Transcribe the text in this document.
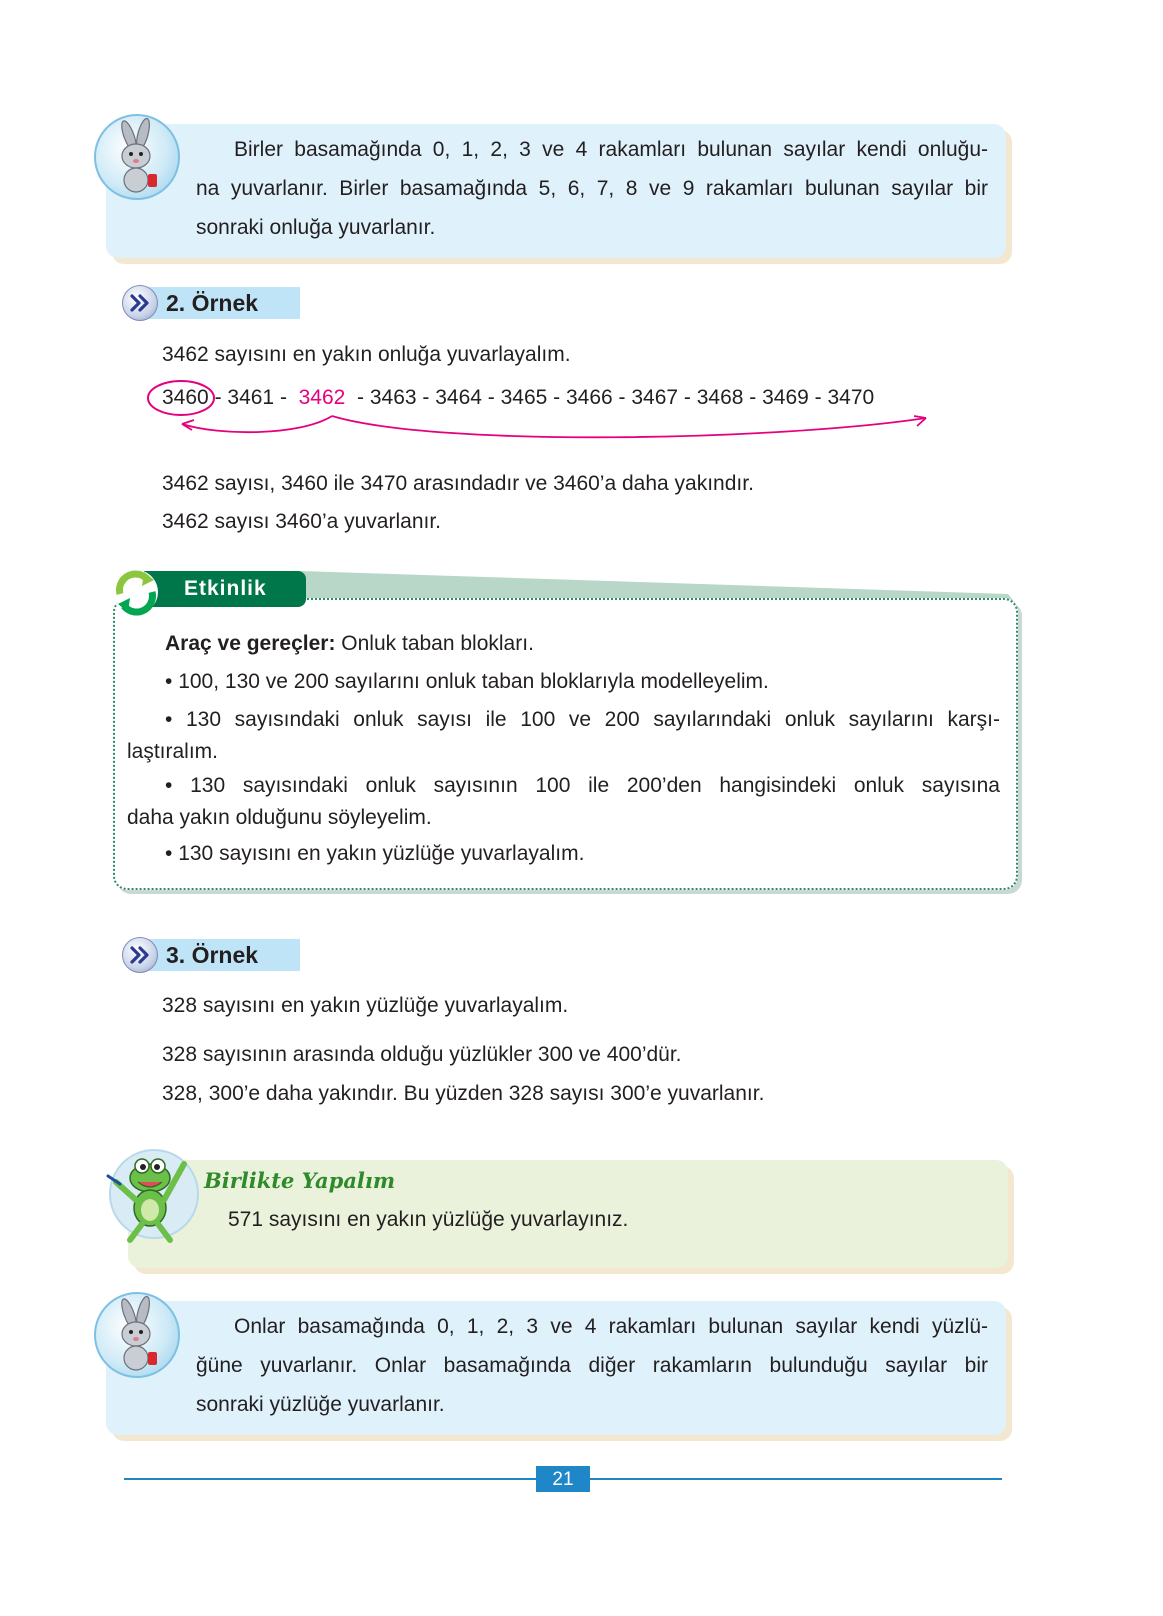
Birler basamağında 0, 1, 2, 3 ve 4 rakamları bulunan sayılar kendi onluğu-
na yuvarlanır. Birler basamağında 5, 6, 7, 8 ve 9 rakamları bulunan sayılar bir
sonraki onluğa yuvarlanır.
2. Örnek
3462 sayısını en yakın onluğa yuvarlayalım.
3460 - 3461 -  3462  - 3463 - 3464 - 3465 - 3466 - 3467 - 3468 - 3469 - 3470
3462 sayısı, 3460 ile 3470 arasındadır ve 3460’a daha yakındır.
3462 sayısı 3460’a yuvarlanır.
Araç ve gereçler: Onluk taban blokları.
• 100, 130 ve 200 sayılarını onluk taban bloklarıyla modelleyelim.
• 130 sayısındaki onluk sayısı ile 100 ve 200 sayılarındaki onluk sayılarını karşı-
laştıralım.
• 130 sayısındaki onluk sayısının 100 ile 200’den hangisindeki onluk sayısına
daha yakın olduğunu söyleyelim.
• 130 sayısını en yakın yüzlüğe yuvarlayalım.
Etkinlik
3. Örnek
328 sayısını en yakın yüzlüğe yuvarlayalım.
328 sayısının arasında olduğu yüzlükler 300 ve 400’dür.
328, 300’e daha yakındır. Bu yüzden 328 sayısı 300’e yuvarlanır.
Birlikte Yapalım
571 sayısını en yakın yüzlüğe yuvarlayınız.
Onlar basamağında 0, 1, 2, 3 ve 4 rakamları bulunan sayılar kendi yüzlü-
ğüne yuvarlanır. Onlar basamağında diğer rakamların bulunduğu sayılar bir
sonraki yüzlüğe yuvarlanır.
21
